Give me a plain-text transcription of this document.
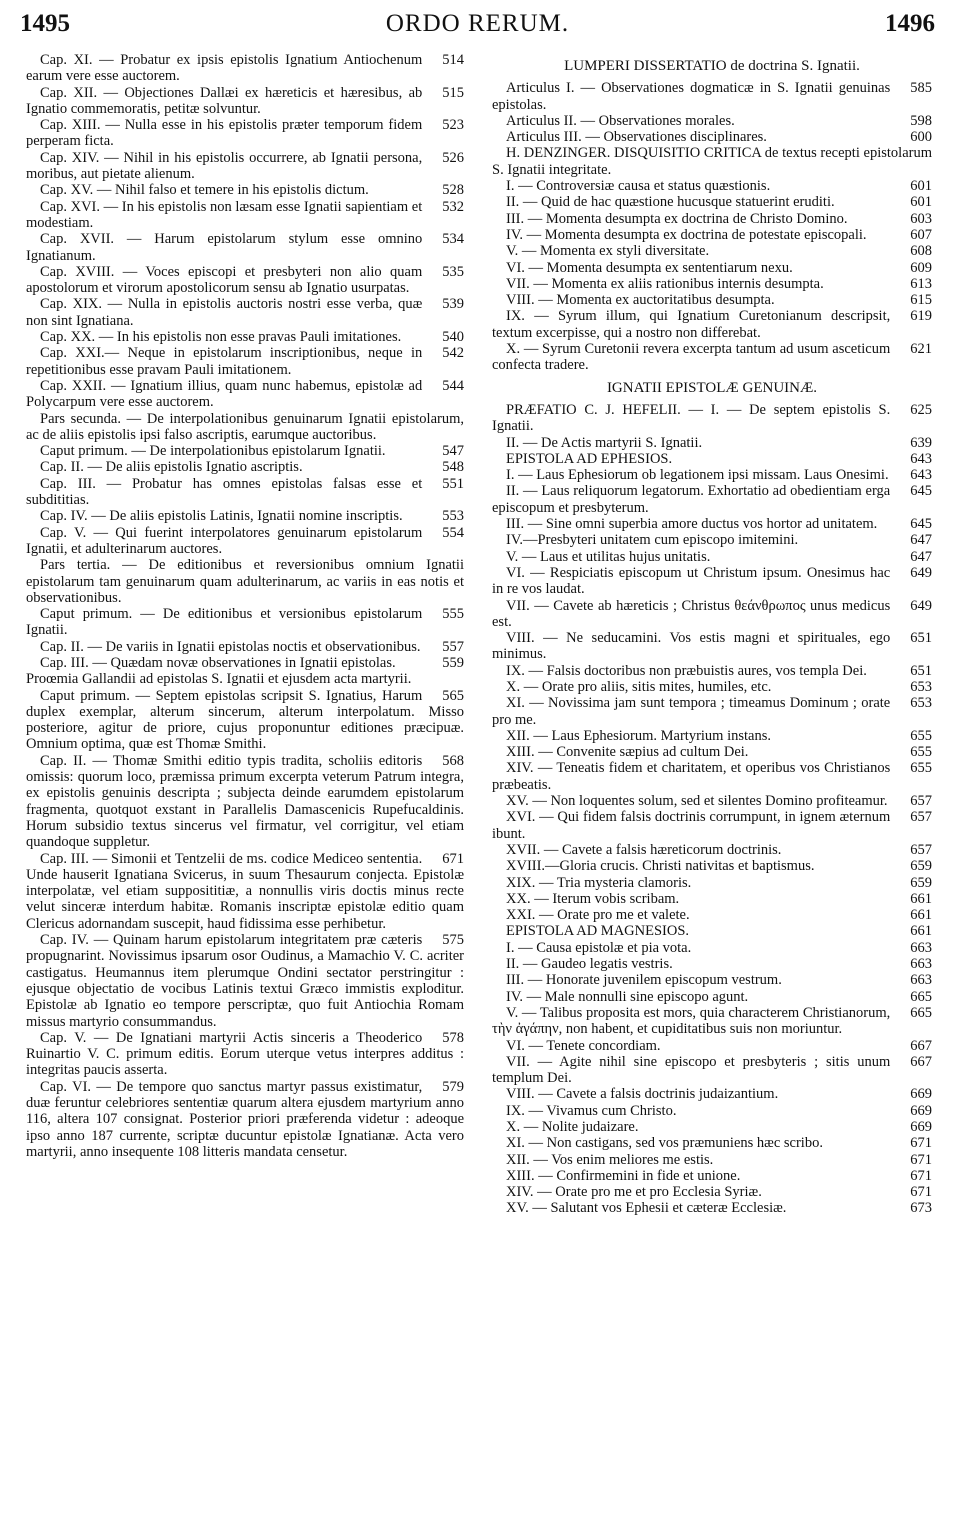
1495	ORDO RERUM.	1496

514
Cap. XI. — Probatur ex ipsis epistolis Ignatium Antiochenum earum vere esse auctorem.

515
Cap. XII. — Objectiones Dallæi ex hæreticis et hæresibus, ab Ignatio commemoratis, petitæ solvuntur.

523
Cap. XIII. — Nulla esse in his epistolis præter temporum fidem perperam ficta.

526
Cap. XIV. — Nihil in his epistolis occurrere, ab Ignatii persona, moribus, aut pietate alienum.

528
Cap. XV. — Nihil falso et temere in his epistolis dictum.

532
Cap. XVI. — In his epistolis non læsam esse Ignatii sapientiam et modestiam.

534
Cap. XVII. — Harum epistolarum stylum esse omnino Ignatianum.

535
Cap. XVIII. — Voces episcopi et presbyteri non alio quam apostolorum et virorum apostolicorum sensu ab Ignatio usurpatas.

539
Cap. XIX. — Nulla in epistolis auctoris nostri esse verba, quæ non sint Ignatiana.

540
Cap. XX. — In his epistolis non esse pravas Pauli imitationes.

542
Cap. XXI.— Neque in epistolarum inscriptionibus, neque in repetitionibus esse pravam Pauli imitationem.

544
Cap. XXII. — Ignatium illius, quam nunc habemus, epistolæ ad Polycarpum vere esse auctorem.

Pars secunda. — De interpolationibus genuinarum Ignatii epistolarum, ac de aliis epistolis ipsi falso ascriptis, earumque auctoribus.

547
Caput primum. — De interpolationibus epistolarum Ignatii.

548
Cap. II. — De aliis epistolis Ignatio ascriptis.

551
Cap. III. — Probatur has omnes epistolas falsas esse et subdititias.

553
Cap. IV. — De aliis epistolis Latinis, Ignatii nomine inscriptis.

554
Cap. V. — Qui fuerint interpolatores genuinarum epistolarum Ignatii, et adulterinarum auctores.

Pars tertia. — De editionibus et reversionibus omnium Ignatii epistolarum tam genuinarum quam adulterinarum, ac variis in eas notis et observationibus.

555
Caput primum. — De editionibus et versionibus epistolarum Ignatii.

557
Cap. II. — De variis in Ignatii epistolas noctis et observationibus.

559
Cap. III. — Quædam novæ observationes in Ignatii epistolas.

Proœmia Gallandii ad epistolas S. Ignatii et ejusdem acta martyrii.

565
Caput primum. — Septem epistolas scripsit S. Ignatius, Harum duplex exemplar, alterum sincerum, alterum interpolatum. Misso posteriore, agitur de priore, cujus proponuntur editiones præcipuæ. Omnium optima, quæ est Thomæ Smithi.

568
Cap. II. — Thomæ Smithi editio typis tradita, scholiis editoris omissis: quorum loco, præmissa primum excerpta veterum Patrum integra, ex epistolis genuinis descripta ; subjecta deinde earumdem epistolarum fragmenta, quotquot exstant in Parallelis Damascenicis Rupefucaldinis. Horum subsidio textus sincerus vel firmatur, vel corrigitur, vel etiam quandoque suppletur.

671
Cap. III. — Simonii et Tentzelii de ms. codice Mediceo sententia. Unde hauserit Ignatiana Svicerus, in suum Thesaurum conjecta. Epistolæ interpolatæ, vel etiam supposititiæ, a nonnullis viris doctis minus recte velut sinceræ interdum habitæ. Romanis inscriptæ epistolæ editio quam Clericus adornandam suscepit, haud fidissima esse perhibetur.

575
Cap. IV. — Quinam harum epistolarum integritatem præ cæteris propugnarint. Novissimus ipsarum osor Oudinus, a Mamachio V. C. acriter castigatus. Heumannus item plerumque Ondini sectator perstringitur : ejusque objectatio de vocibus Latinis textui Græco immistis exploditur. Epistolæ ab Ignatio eo tempore perscriptæ, quo fuit Antiochia Romam missus martyrio consummandus.

578
Cap. V. — De Ignatiani martyrii Actis sinceris a Theoderico Ruinartio V. C. primum editis. Eorum uterque vetus interpres additus : integritas paucis asserta.

579
Cap. VI. — De tempore quo sanctus martyr passus existimatur, duæ feruntur celebriores sententiæ quarum altera ejusdem martyrium anno 116, altera 107 consignat. Posterior priori præferenda videtur : adeoque ipso anno 187 currente, scriptæ ducuntur epistolæ Ignatianæ. Acta vero martyrii, anno insequente 108 litteris mandata censetur.

LUMPERI DISSERTATIO de doctrina S. Ignatii.

585
Articulus I. — Observationes dogmaticæ in S. Ignatii genuinas epistolas.

598
Articulus II. — Observationes morales.

600
Articulus III. — Observationes disciplinares.

H. DENZINGER. DISQUISITIO CRITICA de textus recepti epistolarum S. Ignatii integritate.

601
I. — Controversiæ causa et status quæstionis.

601
II. — Quid de hac quæstione hucusque statuerint eruditi.

603
III. — Momenta desumpta ex doctrina de Christo Domino.

607
IV. — Momenta desumpta ex doctrina de potestate episcopali.

608
V. — Momenta ex styli diversitate.

609
VI. — Momenta desumpta ex sententiarum nexu.

613
VII. — Momenta ex aliis rationibus internis desumpta.

615
VIII. — Momenta ex auctoritatibus desumpta.

619
IX. — Syrum illum, qui Ignatium Curetonianum descripsit, textum excerpisse, qui a nostro non differebat.

621
X. — Syrum Curetonii revera excerpta tantum ad usum asceticum confecta tradere.

IGNATII EPISTOLÆ GENUINÆ.

625
PRÆFATIO C. J. HEFELII. — I. — De septem epistolis S. Ignatii.

639
II. — De Actis martyrii S. Ignatii.

643
EPISTOLA AD EPHESIOS.

643
I. — Laus Ephesiorum ob legationem ipsi missam. Laus Onesimi.

645
II. — Laus reliquorum legatorum. Exhortatio ad obedientiam erga episcopum et presbyterum.

645
III. — Sine omni superbia amore ductus vos hortor ad unitatem.

647
IV.—Presbyteri unitatem cum episcopo imitemini.

647
V. — Laus et utilitas hujus unitatis.

649
VI. — Respiciatis episcopum ut Christum ipsum. Onesimus hac in re vos laudat.

649
VII. — Cavete ab hæreticis ; Christus θεάνθρωπος unus medicus est.

651
VIII. — Ne seducamini. Vos estis magni et spirituales, ego minimus.

651
IX. — Falsis doctoribus non præbuistis aures, vos templa Dei.

653
X. — Orate pro aliis, sitis mites, humiles, etc.

653
XI. — Novissima jam sunt tempora ; timeamus Dominum ; orate pro me.

655
XII. — Laus Ephesiorum. Martyrium instans.

655
XIII. — Convenite sæpius ad cultum Dei.

655
XIV. — Teneatis fidem et charitatem, et operibus vos Christianos præbeatis.

657
XV. — Non loquentes solum, sed et silentes Domino profiteamur.

657
XVI. — Qui fidem falsis doctrinis corrumpunt, in ignem æternum ibunt.

657
XVII. — Cavete a falsis hæreticorum doctrinis.

659
XVIII.—Gloria crucis. Christi nativitas et baptismus.

659
XIX. — Tria mysteria clamoris.

661
XX. — Iterum vobis scribam.

661
XXI. — Orate pro me et valete.

661
EPISTOLA AD MAGNESIOS.

663
I. — Causa epistolæ et pia vota.

663
II. — Gaudeo legatis vestris.

663
III. — Honorate juvenilem episcopum vestrum.

665
IV. — Male nonnulli sine episcopo agunt.

665
V. — Talibus proposita est mors, quia characterem Christianorum, τὴν ἀγάπην, non habent, et cupiditatibus suis non moriuntur.

667
VI. — Tenete concordiam.

667
VII. — Agite nihil sine episcopo et presbyteris ; sitis unum templum Dei.

669
VIII. — Cavete a falsis doctrinis judaizantium.

669
IX. — Vivamus cum Christo.

669
X. — Nolite judaizare.

671
XI. — Non castigans, sed vos præmuniens hæc scribo.

671
XII. — Vos enim meliores me estis.

671
XIII. — Confirmemini in fide et unione.

671
XIV. — Orate pro me et pro Ecclesia Syriæ.

673
XV. — Salutant vos Ephesii et cæteræ Ecclesiæ.
